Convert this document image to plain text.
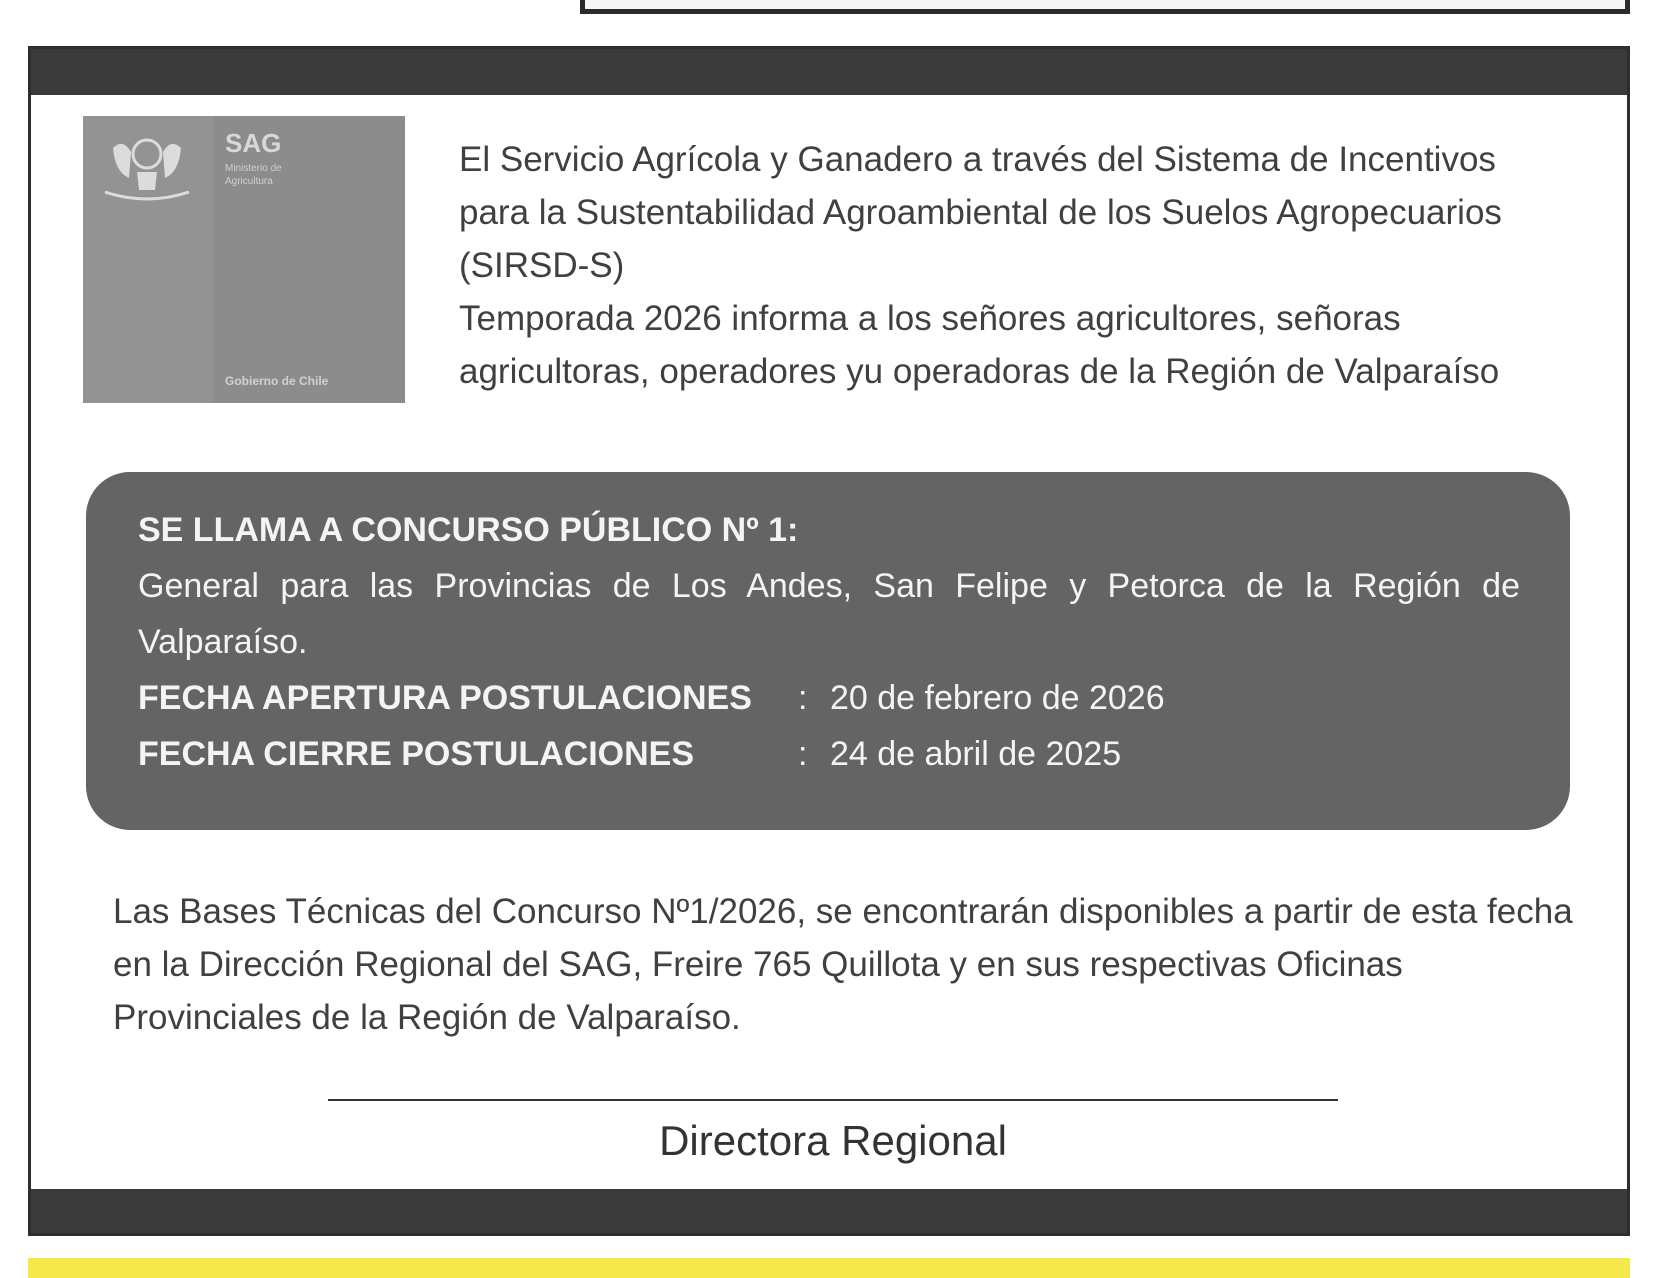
SAG
Ministerio de Agricultura
Gobierno de Chile
El Servicio Agrícola y Ganadero a través del Sistema de Incentivos
para la Sustentabilidad Agroambiental de los Suelos Agropecuarios
(SIRSD-S)
Temporada 2026 informa a los señores agricultores, señoras
agricultoras, operadores yu operadoras de la Región de Valparaíso
SE LLAMA A CONCURSO PÚBLICO Nº 1:
General para las Provincias de Los Andes, San Felipe y Petorca de la Región de Valparaíso.
FECHA APERTURA POSTULACIONES	: 20 de febrero de 2026
FECHA CIERRE POSTULACIONES	: 24 de abril de 2025
Las Bases Técnicas del Concurso Nº1/2026, se encontrarán disponibles a partir de esta fecha en la Dirección Regional del SAG, Freire 765 Quillota y en sus respectivas Oficinas Provinciales de la Región de Valparaíso.
Directora Regional
